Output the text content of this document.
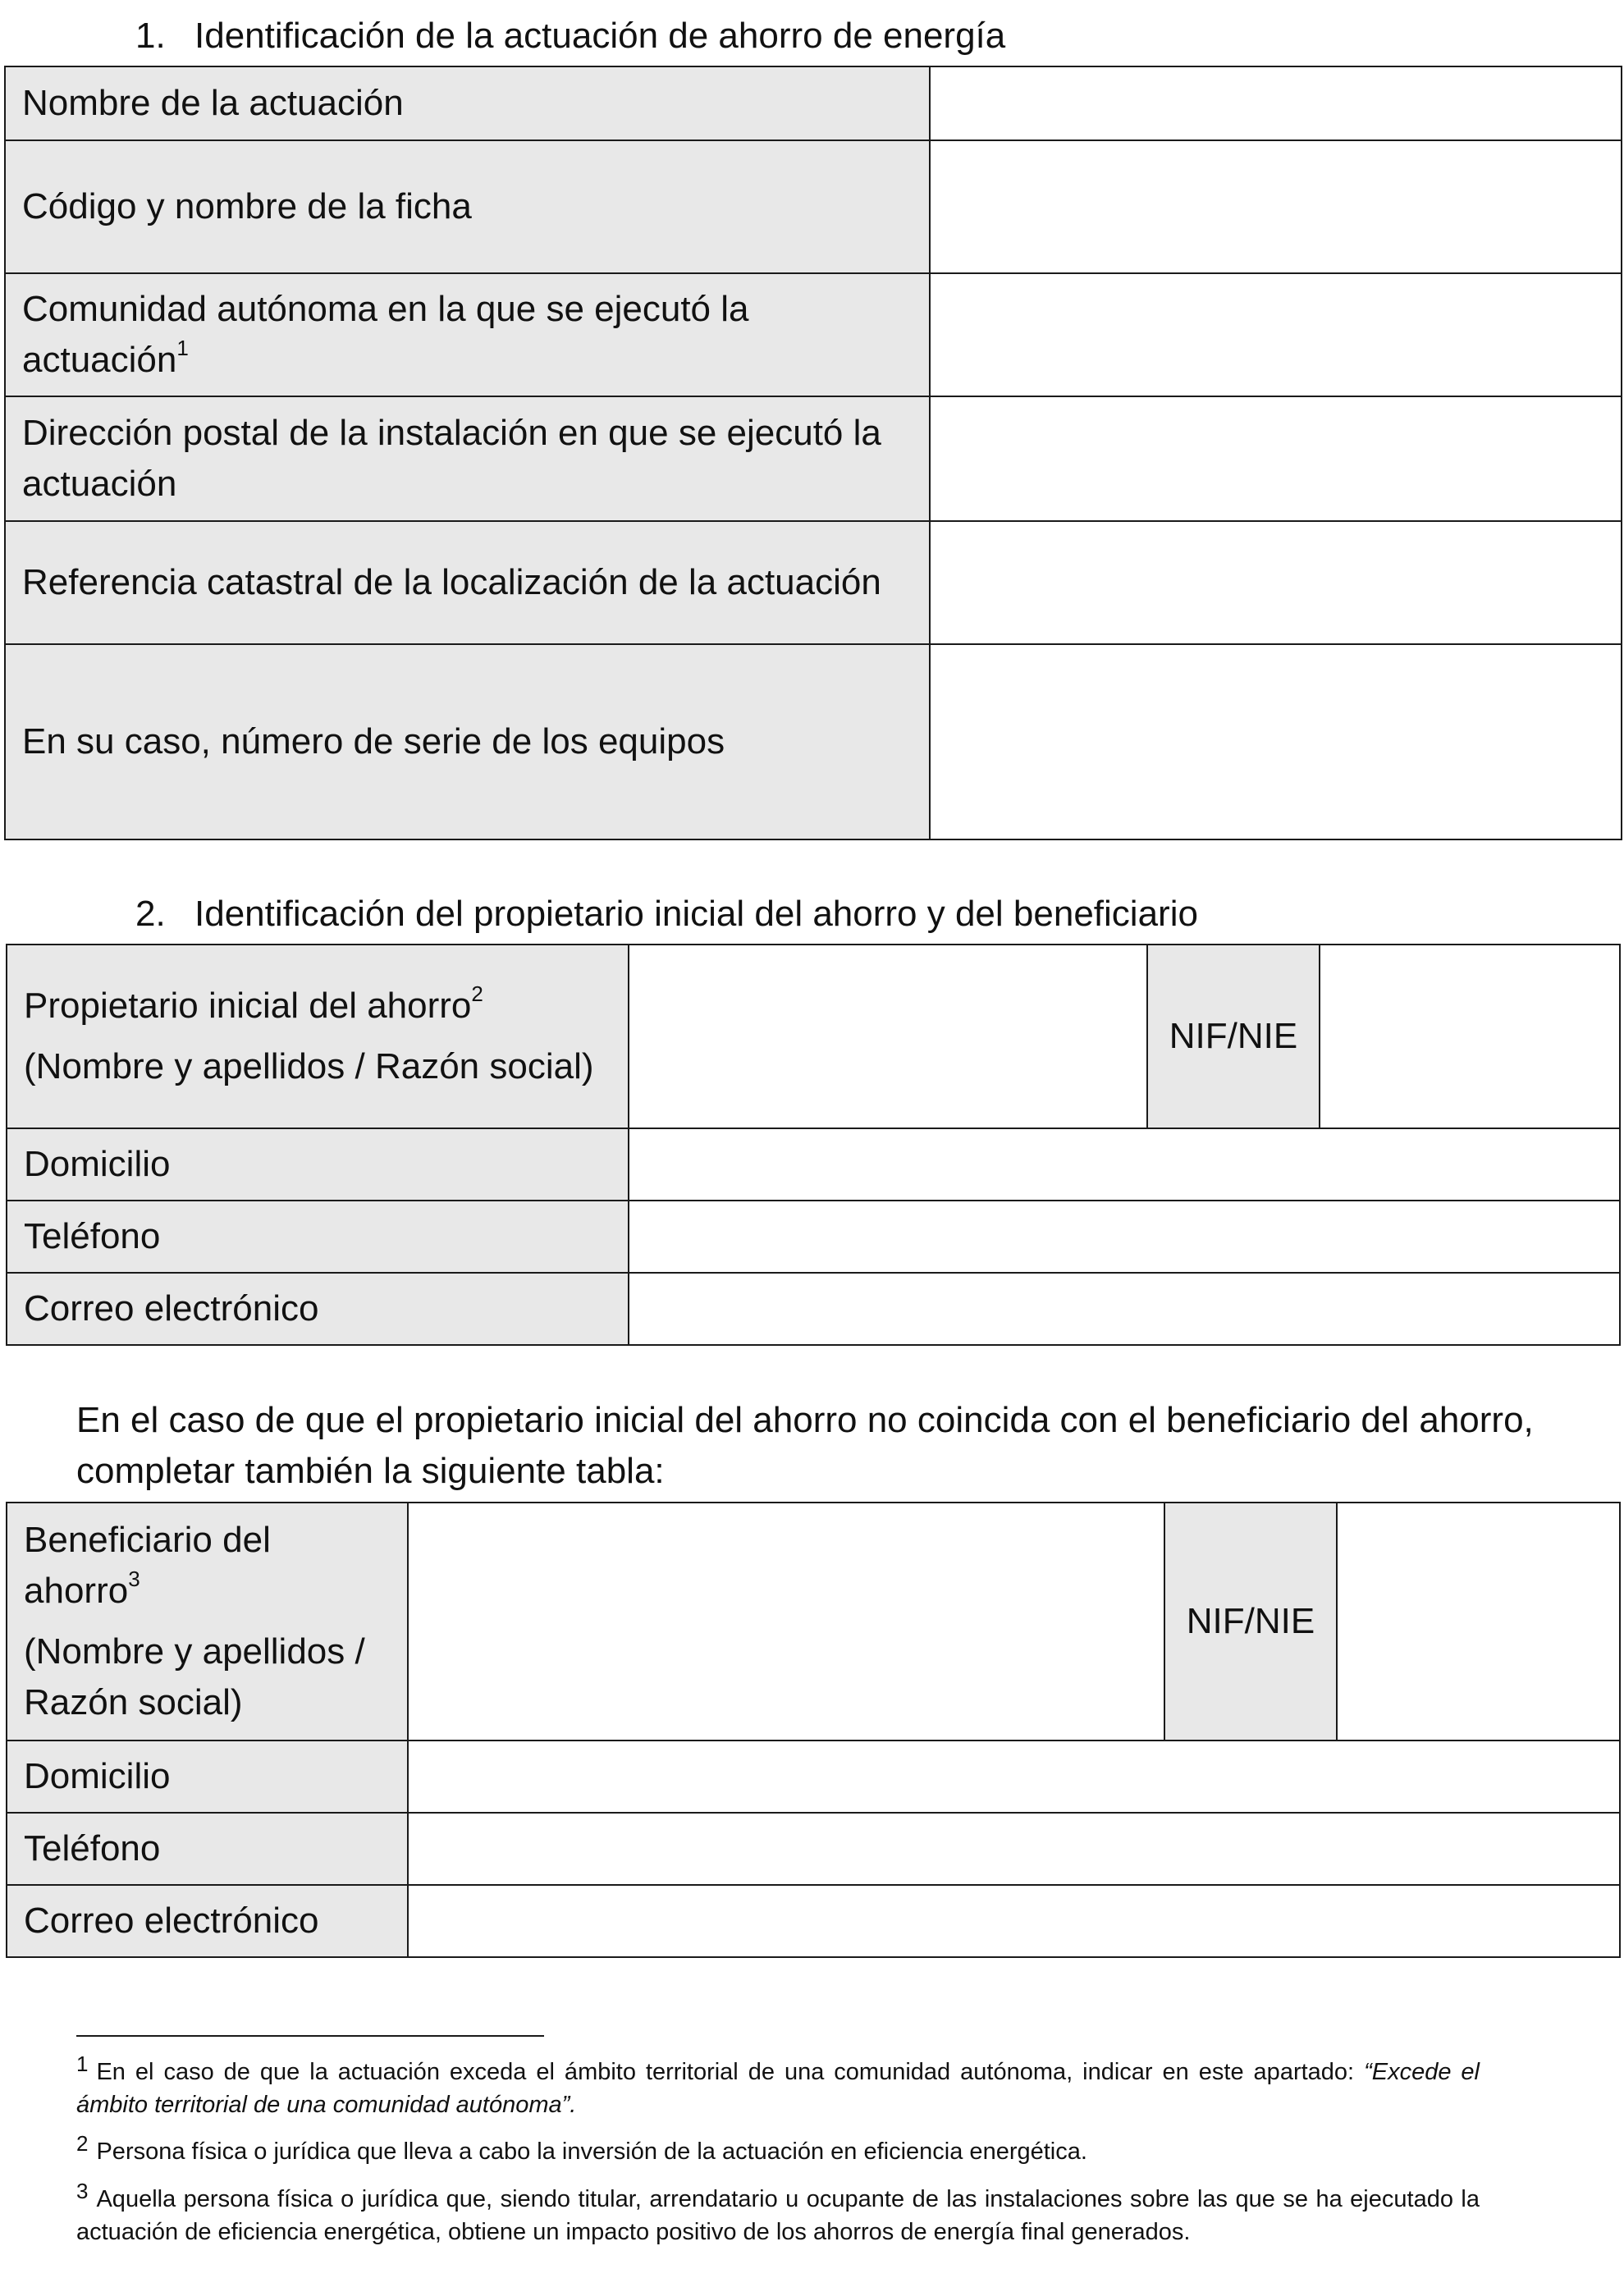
1. Identificación de la actuación de ahorro de energía
Nombre de la actuación	
Código y nombre de la ficha	
Comunidad autónoma en la que se ejecutó la actuación$^1$	
Dirección postal de la instalación en que se ejecutó la actuación	
Referencia catastral de la localización de la actuación	
En su caso, número de serie de los equipos	
2. Identificación del propietario inicial del ahorro y del beneficiario
Propietario inicial del ahorro$^2$
(Nombre y apellidos / Razón social)		NIF/NIE	
Domicilio			
Teléfono			
Correo electrónico			
En el caso de que el propietario inicial del ahorro no coincida con el beneficiario del ahorro, completar también la siguiente tabla:
Beneficiario del ahorro$^3$
(Nombre y apellidos / Razón social)		NIF/NIE	
Domicilio			
Teléfono			
Correo electrónico			
1 En el caso de que la actuación exceda el ámbito territorial de una comunidad autónoma, indicar en este apartado: “Excede el ámbito territorial de una comunidad autónoma”.
2 Persona física o jurídica que lleva a cabo la inversión de la actuación en eficiencia energética.
3 Aquella persona física o jurídica que, siendo titular, arrendatario u ocupante de las instalaciones sobre las que se ha ejecutado la actuación de eficiencia energética, obtiene un impacto positivo de los ahorros de energía final generados.
